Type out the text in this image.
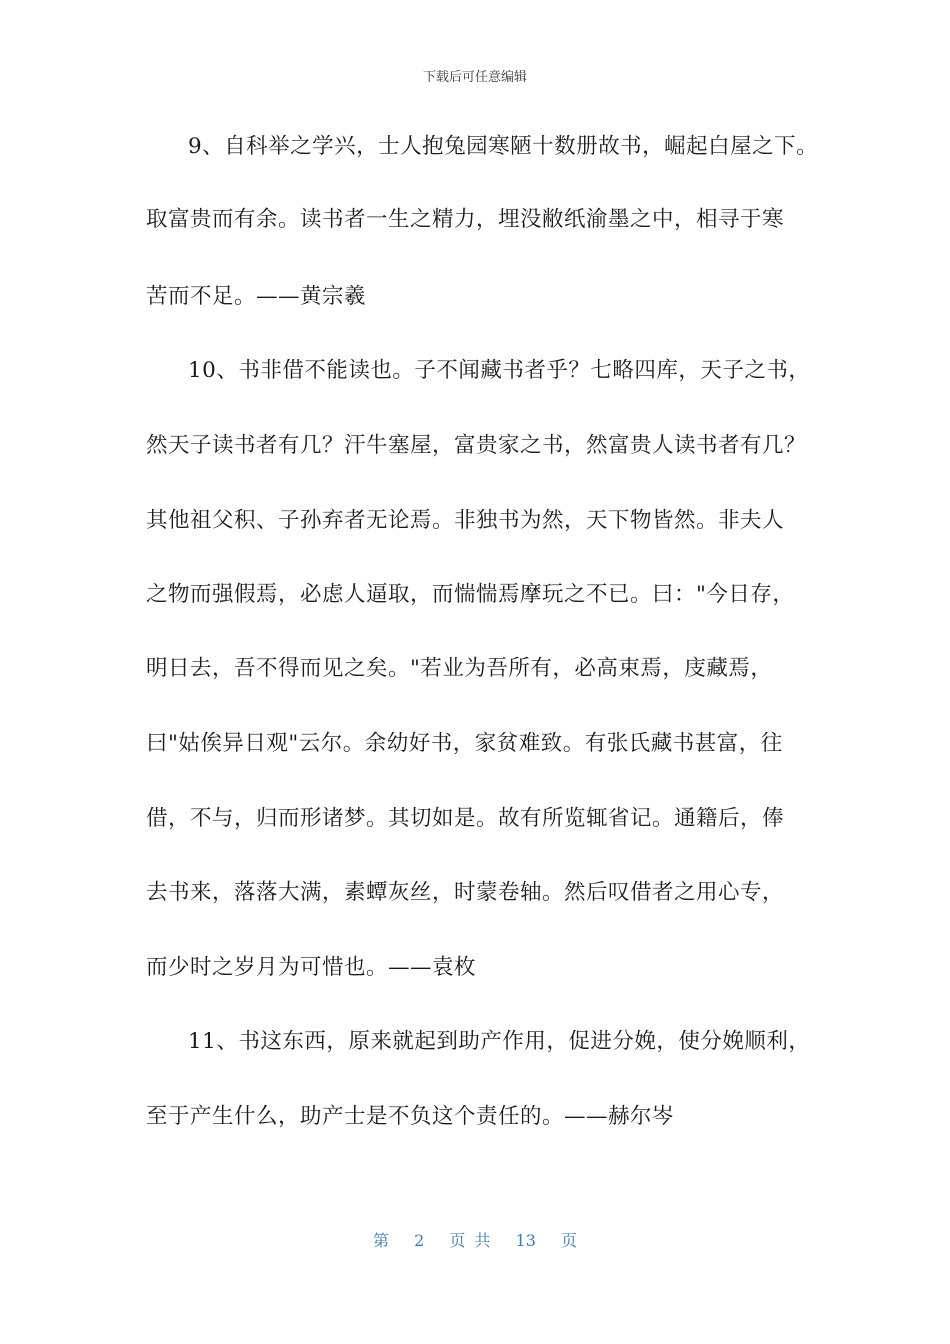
下载后可任意编辑
9、自科举之学兴，士人抱兔园寒陋十数册故书，崛起白屋之下。
取富贵而有余。读书者一生之精力，埋没敝纸渝墨之中，相寻于寒
苦而不足。——黄宗羲
10、书非借不能读也。子不闻藏书者乎？七略四库，天子之书，
然天子读书者有几？汗牛塞屋，富贵家之书，然富贵人读书者有几？
其他祖父积、子孙弃者无论焉。非独书为然，天下物皆然。非夫人
之物而强假焉，必虑人逼取，而惴惴焉摩玩之不已。曰："今日存，
明日去，吾不得而见之矣。"若业为吾所有，必高束焉，庋藏焉，
曰"姑俟异日观"云尔。余幼好书，家贫难致。有张氏藏书甚富，往
借，不与，归而形诸梦。其切如是。故有所览辄省记。通籍后，俸
去书来，落落大满，素蟫灰丝，时蒙卷轴。然后叹借者之用心专，
而少时之岁月为可惜也。——袁枚
11、书这东西，原来就起到助产作用，促进分娩，使分娩顺利，
至于产生什么，助产士是不负这个责任的。——赫尔岑
第 2 页 共 13 页
